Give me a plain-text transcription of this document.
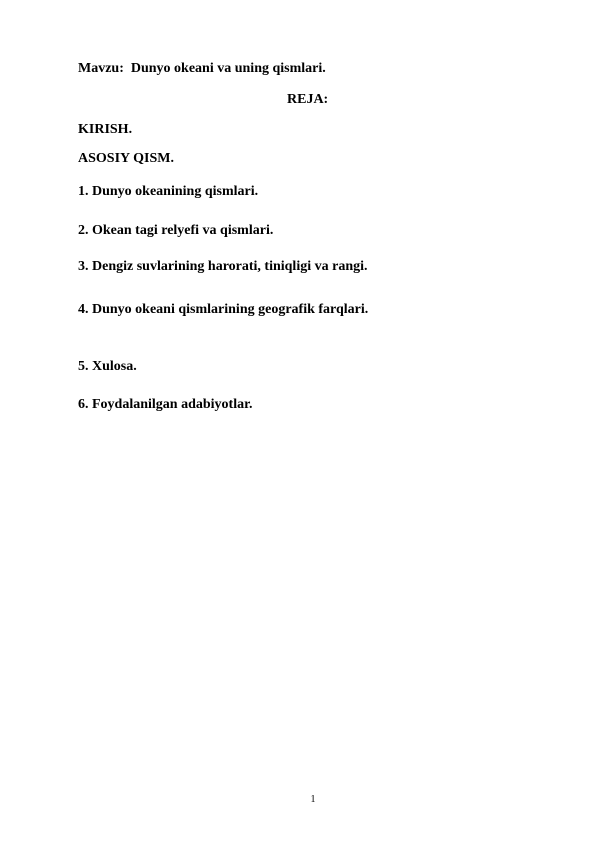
Mavzu:  Dunyo okeani va uning qismlari.
REJA:
KIRISH.
ASOSIY QISM.
1. Dunyo okeanining qismlari.
2. Okean tagi relyefi va qismlari.
3. Dengiz suvlarining harorati, tiniqligi va rangi.
4. Dunyo okeani qismlarining geografik farqlari.
5. Xulosa.
6. Foydalanilgan adabiyotlar.
1
